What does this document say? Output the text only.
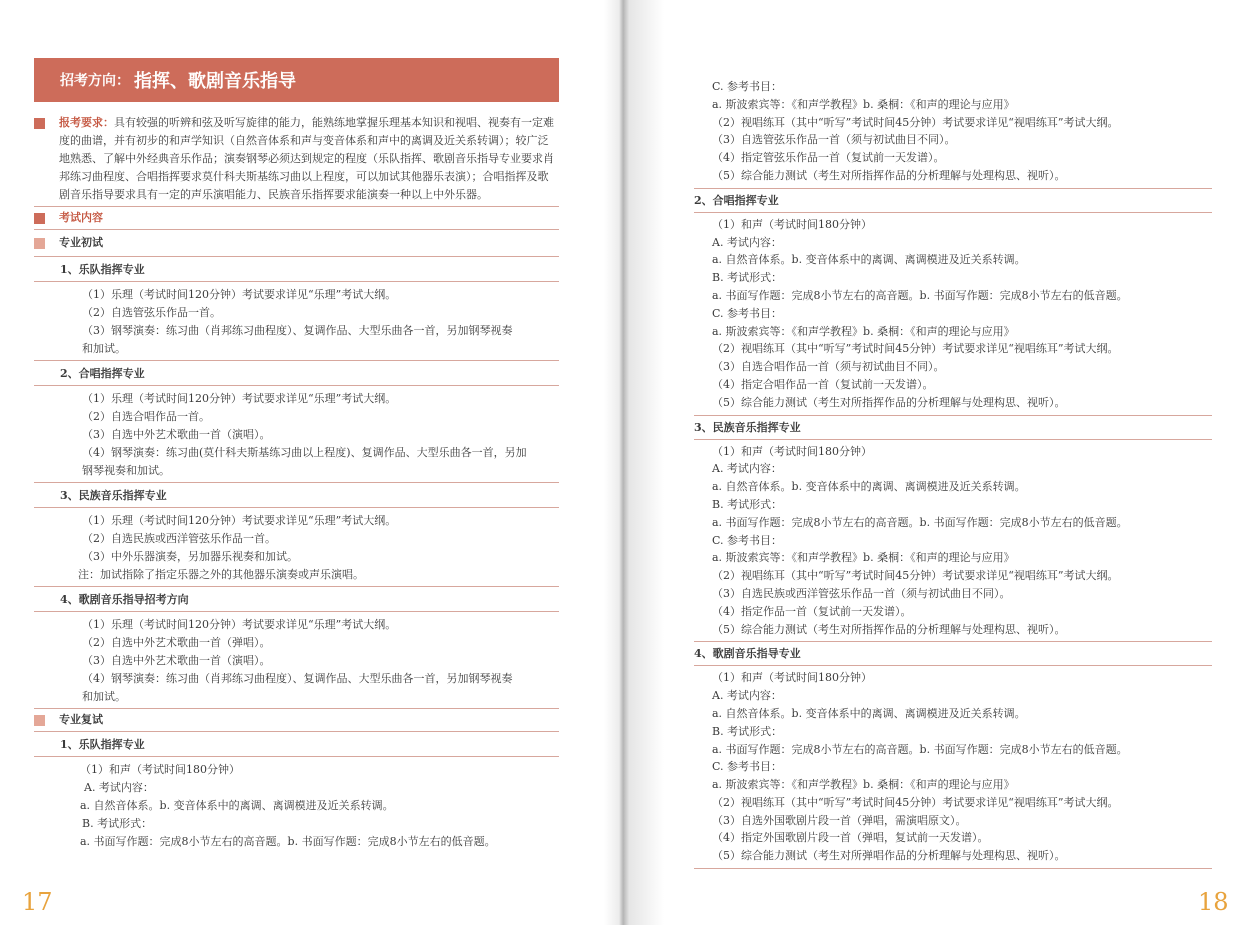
招考方向： 指挥、歌剧音乐指导
报考要求：具有较强的听辨和弦及听写旋律的能力，能熟练地掌握乐理基本知识和视唱、视奏有一定难度的曲谱，并有初步的和声学知识（自然音体系和声与变音体系和声中的离调及近关系转调）；较广泛地熟悉、了解中外经典音乐作品；演奏钢琴必须达到规定的程度（乐队指挥、歌剧音乐指导专业要求肖邦练习曲程度、合唱指挥要求莫什科夫斯基练习曲以上程度，可以加试其他器乐表演）；合唱指挥及歌剧音乐指导要求具有一定的声乐演唱能力、民族音乐指挥要求能演奏一种以上中外乐器。
考试内容
专业初试
1、乐队指挥专业
（1）乐理（考试时间120分钟）考试要求详见“乐理”考试大纲。
（2）自选管弦乐作品一首。
（3）钢琴演奏：练习曲（肖邦练习曲程度）、复调作品、大型乐曲各一首，另加钢琴视奏
和加试。
2、合唱指挥专业
（1）乐理（考试时间120分钟）考试要求详见“乐理”考试大纲。
（2）自选合唱作品一首。
（3）自选中外艺术歌曲一首（演唱）。
（4）钢琴演奏：练习曲(莫什科夫斯基练习曲以上程度)、复调作品、大型乐曲各一首，另加
钢琴视奏和加试。
3、民族音乐指挥专业
（1）乐理（考试时间120分钟）考试要求详见“乐理”考试大纲。
（2）自选民族或西洋管弦乐作品一首。
（3）中外乐器演奏，另加器乐视奏和加试。
注：加试指除了指定乐器之外的其他器乐演奏或声乐演唱。
4、歌剧音乐指导招考方向
（1）乐理（考试时间120分钟）考试要求详见“乐理”考试大纲。
（2）自选中外艺术歌曲一首（弹唱）。
（3）自选中外艺术歌曲一首（演唱）。
（4）钢琴演奏：练习曲（肖邦练习曲程度）、复调作品、大型乐曲各一首，另加钢琴视奏
和加试。
专业复试
1、乐队指挥专业
（1）和声（考试时间180分钟）
A. 考试内容：
a. 自然音体系。b. 变音体系中的离调、离调模进及近关系转调。
B. 考试形式：
a. 书面写作题：完成8小节左右的高音题。b. 书面写作题：完成8小节左右的低音题。
17
C. 参考书目：
a. 斯波索宾等：《和声学教程》b. 桑桐：《和声的理论与应用》
（2）视唱练耳（其中“听写”考试时间45分钟）考试要求详见“视唱练耳”考试大纲。
（3）自选管弦乐作品一首（须与初试曲目不同）。
（4）指定管弦乐作品一首（复试前一天发谱）。
（5）综合能力测试（考生对所指挥作品的分析理解与处理构思、视听）。
2、合唱指挥专业
（1）和声（考试时间180分钟）
A. 考试内容：
a. 自然音体系。b. 变音体系中的离调、离调模进及近关系转调。
B. 考试形式：
a. 书面写作题：完成8小节左右的高音题。b. 书面写作题：完成8小节左右的低音题。
C. 参考书目：
a. 斯波索宾等：《和声学教程》b. 桑桐：《和声的理论与应用》
（2）视唱练耳（其中“听写”考试时间45分钟）考试要求详见“视唱练耳”考试大纲。
（3）自选合唱作品一首（须与初试曲目不同）。
（4）指定合唱作品一首（复试前一天发谱）。
（5）综合能力测试（考生对所指挥作品的分析理解与处理构思、视听）。
3、民族音乐指挥专业
（1）和声（考试时间180分钟）
A. 考试内容：
a. 自然音体系。b. 变音体系中的离调、离调模进及近关系转调。
B. 考试形式：
a. 书面写作题：完成8小节左右的高音题。b. 书面写作题：完成8小节左右的低音题。
C. 参考书目：
a. 斯波索宾等：《和声学教程》b. 桑桐：《和声的理论与应用》
（2）视唱练耳（其中“听写”考试时间45分钟）考试要求详见“视唱练耳”考试大纲。
（3）自选民族或西洋管弦乐作品一首（须与初试曲目不同）。
（4）指定作品一首（复试前一天发谱）。
（5）综合能力测试（考生对所指挥作品的分析理解与处理构思、视听）。
4、歌剧音乐指导专业
（1）和声（考试时间180分钟）
A. 考试内容：
a. 自然音体系。b. 变音体系中的离调、离调模进及近关系转调。
B. 考试形式：
a. 书面写作题：完成8小节左右的高音题。b. 书面写作题：完成8小节左右的低音题。
C. 参考书目：
a. 斯波索宾等：《和声学教程》b. 桑桐：《和声的理论与应用》
（2）视唱练耳（其中“听写”考试时间45分钟）考试要求详见“视唱练耳”考试大纲。
（3）自选外国歌剧片段一首（弹唱，需演唱原文）。
（4）指定外国歌剧片段一首（弹唱，复试前一天发谱）。
（5）综合能力测试（考生对所弹唱作品的分析理解与处理构思、视听）。
18
